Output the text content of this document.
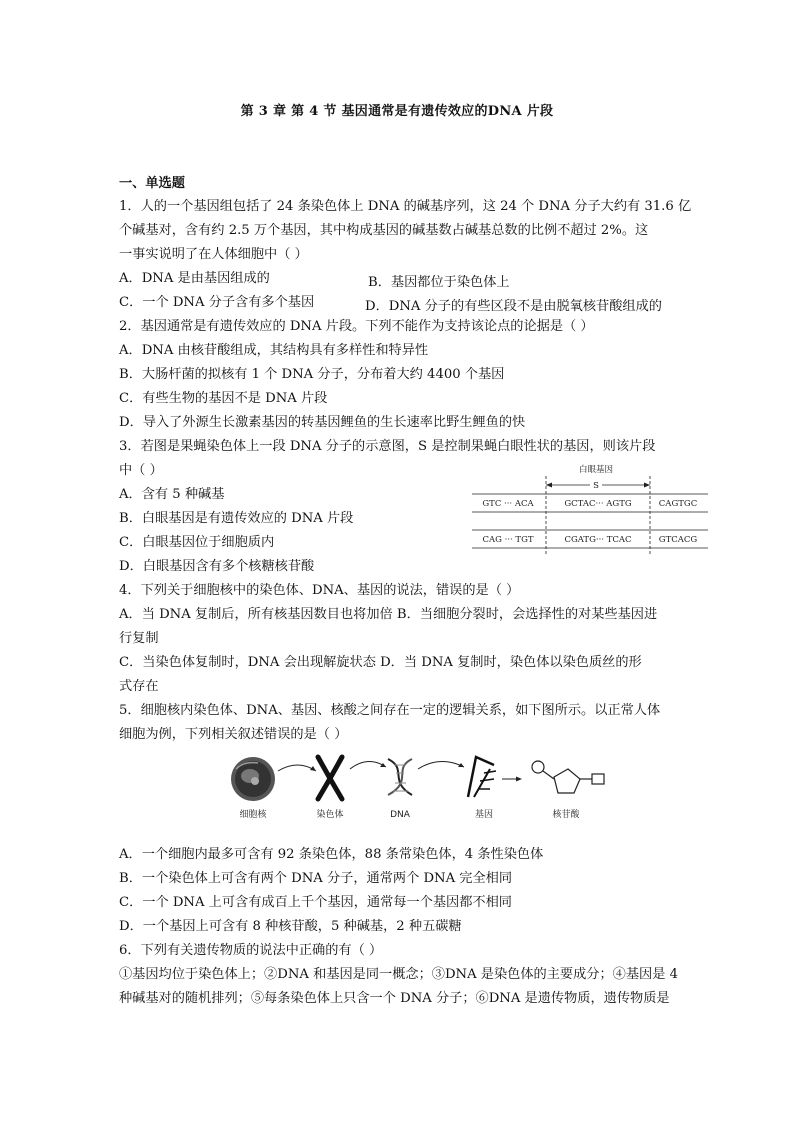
第 3 章 第 4 节 基因通常是有遗传效应的DNA 片段
一、单选题
1．人的一个基因组包括了 24 条染色体上 DNA 的碱基序列，这 24 个 DNA 分子大约有 31.6 亿
个碱基对，含有约 2.5 万个基因，其中构成基因的碱基数占碱基总数的比例不超过 2%。这
一事实说明了在人体细胞中（ ）
A．DNA 是由基因组成的	B．基因都位于染色体上
C．一个 DNA 分子含有多个基因	D．DNA 分子的有些区段不是由脱氧核苷酸组成的
2．基因通常是有遗传效应的 DNA 片段。下列不能作为支持该论点的论据是（ ）
A．DNA 由核苷酸组成，其结构具有多样性和特异性
B．大肠杆菌的拟核有 1 个 DNA 分子，分布着大约 4400 个基因
C．有些生物的基因不是 DNA 片段
D．导入了外源生长激素基因的转基因鲤鱼的生长速率比野生鲤鱼的快
3．若图是果蝇染色体上一段 DNA 分子的示意图，S 是控制果蝇白眼性状的基因，则该片段
中（ ）
A．含有 5 种碱基
B．白眼基因是有遗传效应的 DNA 片段
C．白眼基因位于细胞质内
D．白眼基因含有多个核糖核苷酸
白眼基因
S
GTC ··· ACA	GCTAC··· AGTG	CAGTGC
CAG ··· TGT	CGATG··· TCAC	GTCACG
4．下列关于细胞核中的染色体、DNA、基因的说法，错误的是（ ）
A．当 DNA 复制后，所有核基因数目也将加倍 B．当细胞分裂时，会选择性的对某些基因进
行复制
C．当染色体复制时，DNA 会出现解旋状态 D．当 DNA 复制时，染色体以染色质丝的形
式存在
5．细胞核内染色体、DNA、基因、核酸之间存在一定的逻辑关系，如下图所示。以正常人体
细胞为例，下列相关叙述错误的是（ ）
细胞核	染色体	DNA	基因	核苷酸
A．一个细胞内最多可含有 92 条染色体，88 条常染色体，4 条性染色体
B．一个染色体上可含有两个 DNA 分子，通常两个 DNA 完全相同
C．一个 DNA 上可含有成百上千个基因，通常每一个基因都不相同
D．一个基因上可含有 8 种核苷酸，5 种碱基，2 种五碳糖
6．下列有关遗传物质的说法中正确的有（ ）
①基因均位于染色体上；②DNA 和基因是同一概念；③DNA 是染色体的主要成分；④基因是 4
种碱基对的随机排列；⑤每条染色体上只含一个 DNA 分子；⑥DNA 是遗传物质，遗传物质是
